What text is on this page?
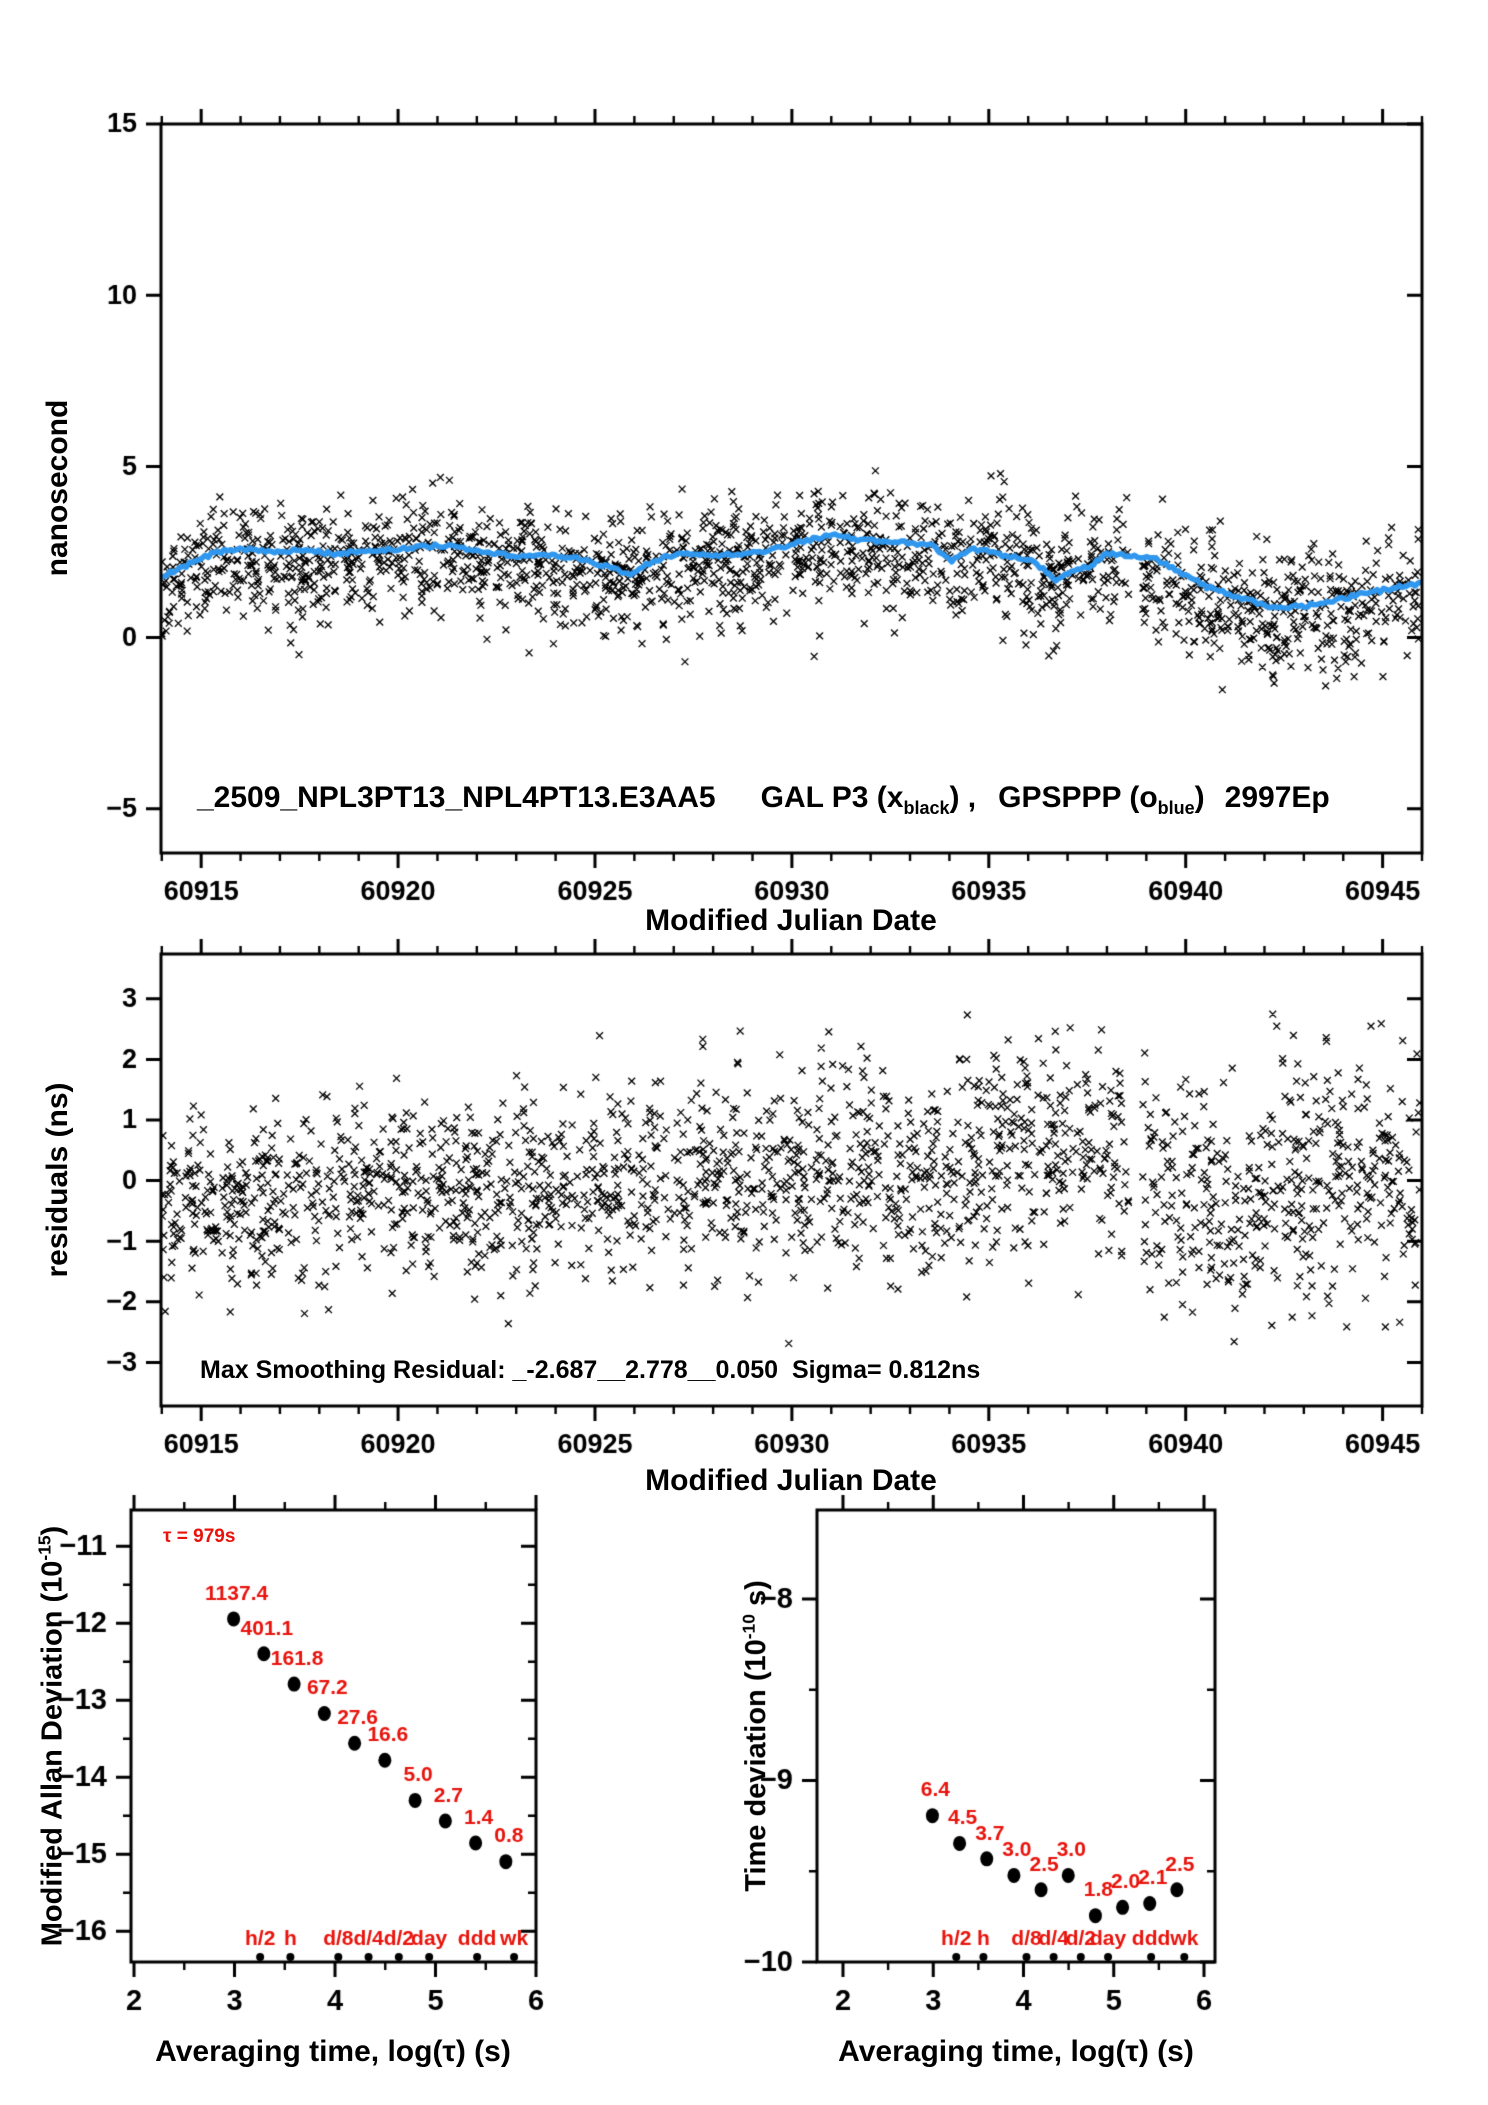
_2509_NPL3PT13_NPL4PT13.E3AA5
GAL P3 $(x_{black})$ ,
GPSPPP $(o_{blue})$
2997Ep
nanosecond
Modified Julian Date
residuals (ns)
Modified Julian Date
Max Smoothing Residual: _-2.687__2.778__0.050  Sigma= 0.812ns
τ = 979s
Modified Allan Deviation $(10^{-15})$
Averaging time, log(τ) (s)
Time deviation ($10^{-10}$ s)
Averaging time, log(τ) (s)
